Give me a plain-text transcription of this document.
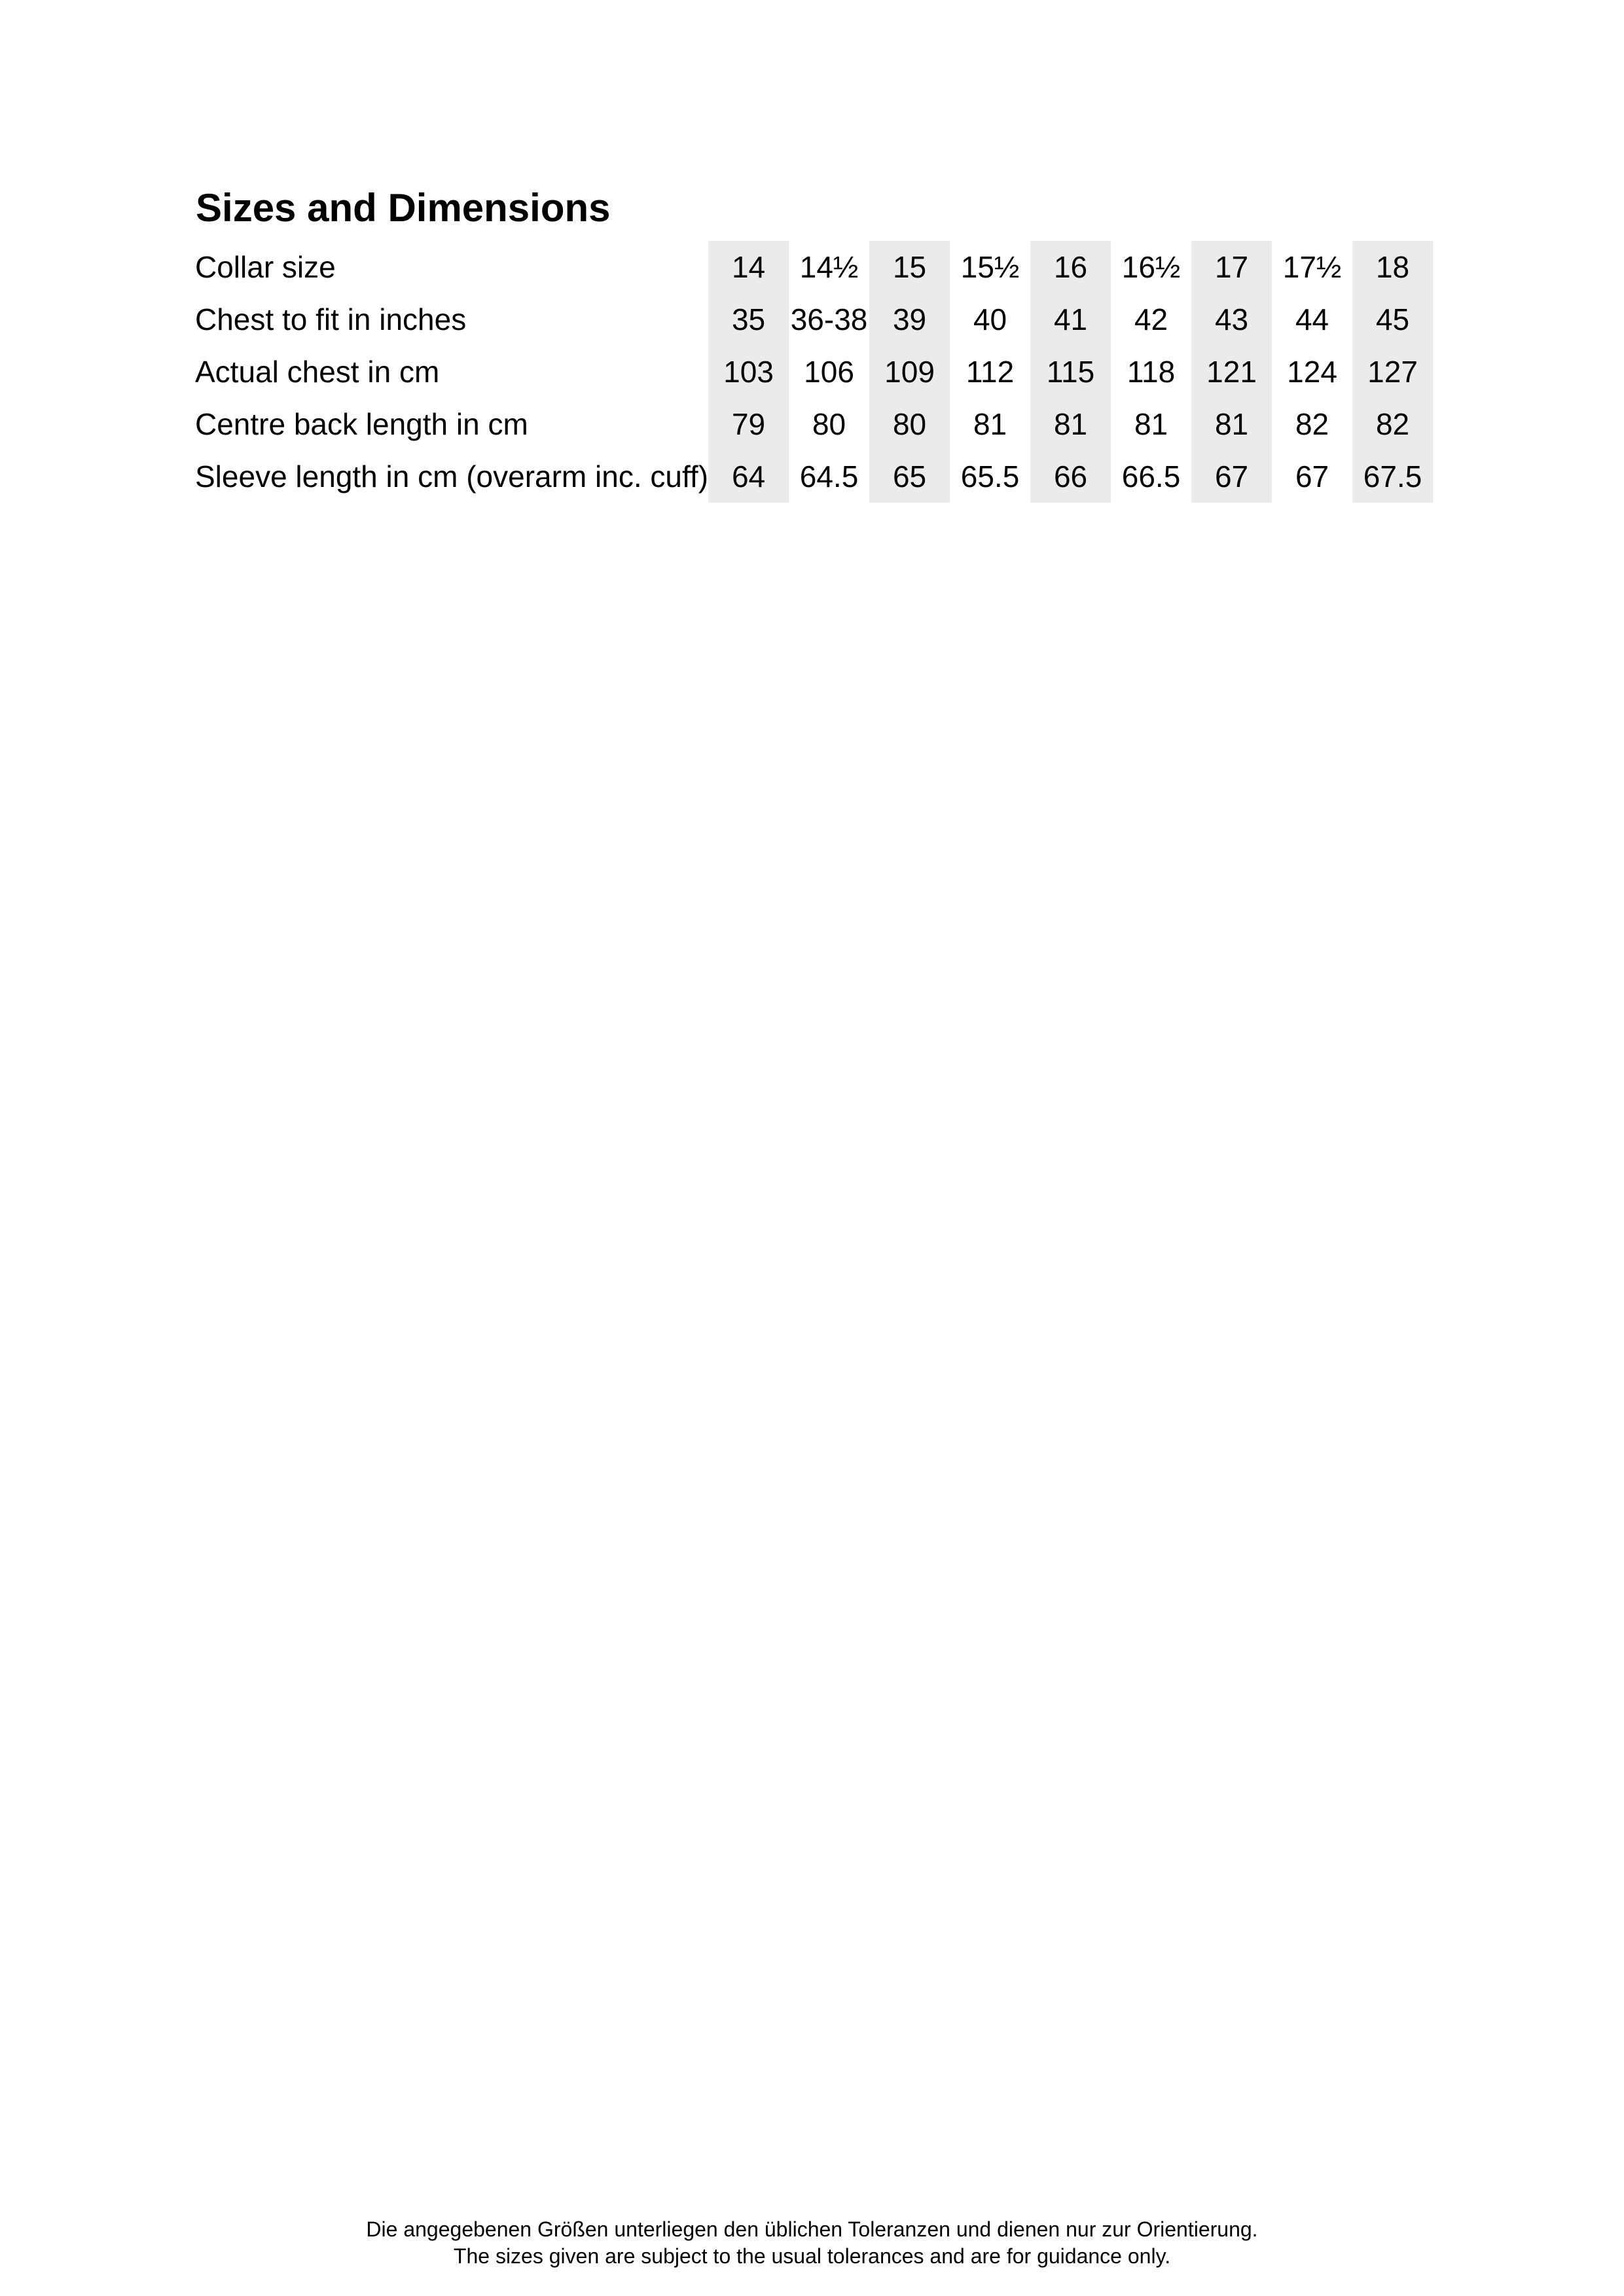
Sizes and Dimensions
Collar size	14	14½	15	15½	16	16½	17	17½	18
Chest to fit in inches	35	36-38	39	40	41	42	43	44	45
Actual chest in cm	103	106	109	112	115	118	121	124	127
Centre back length in cm	79	80	80	81	81	81	81	82	82
Sleeve length in cm (overarm inc. cuff)	64	64.5	65	65.5	66	66.5	67	67	67.5
Die angegebenen Größen unterliegen den üblichen Toleranzen und dienen nur zur Orientierung.
The sizes given are subject to the usual tolerances and are for guidance only.
